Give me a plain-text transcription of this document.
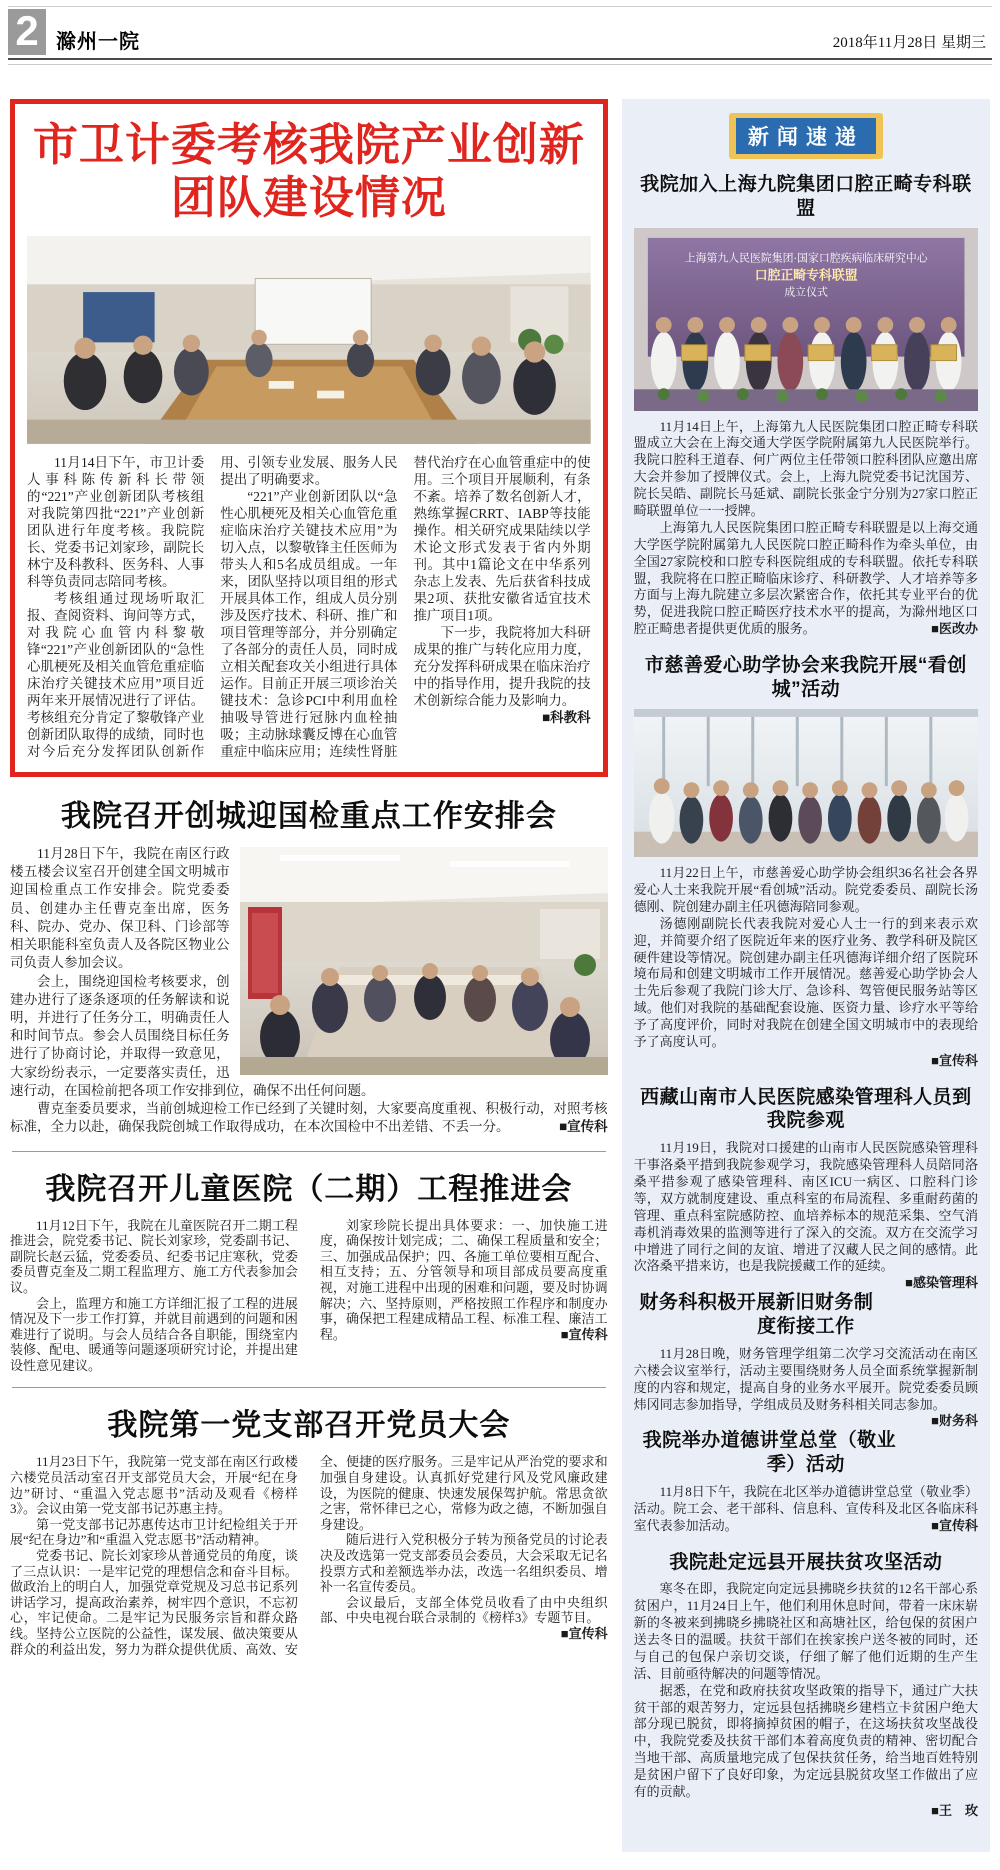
2 滁州一院	2018年11月28日 星期三
市卫计委考核我院产业创新
团队建设情况

11月14日下午，市卫计委人事科陈传新科长带领的“221”产业创新团队考核组对我院第四批“221”产业创新团队进行年度考核。我院院长、党委书记刘家珍，副院长林宁及科教科、医务科、人事科等负责同志陪同考核。

考核组通过现场听取汇报、查阅资料、询问等方式，对我院心血管内科黎敬锋“221”产业创新团队的“急性心肌梗死及相关血管危重症临床治疗关键技术应用”项目近两年来开展情况进行了评估。考核组充分肯定了黎敬锋产业创新团队取得的成绩，同时也对今后充分发挥团队创新作用、引领专业发展、服务人民提出了明确要求。

“221”产业创新团队以“急性心肌梗死及相关心血管危重症临床治疗关键技术应用”为切入点，以黎敬锋主任医师为带头人和5名成员组成。一年来，团队坚持以项目组的形式开展具体工作，组成人员分别涉及医疗技术、科研、推广和项目管理等部分，并分别确定了各部分的责任人员，同时成立相关配套攻关小组进行具体运作。目前正开展三项诊治关键技术：急诊PCI中利用血栓抽吸导管进行冠脉内血栓抽吸；主动脉球囊反博在心血管重症中临床应用；连续性肾脏替代治疗在心血管重症中的使用。三个项目开展顺利，有条不紊。培养了数名创新人才，熟练掌握CRRT、IABP等技能操作。相关研究成果陆续以学术论文形式发表于省内外期刊。其中1篇论文在中华系列杂志上发表、先后获省科技成果2项、获批安徽省适宜技术推广项目1项。

下一步，我院将加大科研成果的推广与转化应用力度，充分发挥科研成果在临床治疗中的指导作用，提升我院的技术创新综合能力及影响力。
■科教科

我院召开创城迎国检重点工作安排会

11月28日下午，我院在南区行政楼五楼会议室召开创建全国文明城市迎国检重点工作安排会。院党委委员、创建办主任曹克奎出席，医务科、院办、党办、保卫科、门诊部等相关职能科室负责人及各院区物业公司负责人参加会议。

会上，围绕迎国检考核要求，创建办进行了逐条逐项的任务解读和说明，并进行了任务分工，明确责任人和时间节点。参会人员围绕目标任务进行了协商讨论，并取得一致意见，大家纷纷表示，一定要落实责任，迅速行动，在国检前把各项工作安排到位，确保不出任何问题。

曹克奎委员要求，当前创城迎检工作已经到了关键时刻，大家要高度重视、积极行动，对照考核标准，全力以赴，确保我院创城工作取得成功，在本次国检中不出差错、不丢一分。	■宣传科

我院召开儿童医院（二期）工程推进会

11月12日下午，我院在儿童医院召开二期工程推进会，院党委书记、院长刘家珍，党委副书记、副院长赵云猛，党委委员、纪委书记庄寒秋，党委委员曹克奎及二期工程监理方、施工方代表参加会议。

会上，监理方和施工方详细汇报了工程的进展情况及下一步工作打算，并就目前遇到的问题和困难进行了说明。与会人员结合各自职能，围绕室内装修、配电、暖通等问题逐项研究讨论，并提出建设性意见建议。

刘家珍院长提出具体要求：一、加快施工进度，确保按计划完成；二、确保工程质量和安全；三、加强成品保护；四、各施工单位要相互配合、相互支持；五、分管领导和项目部成员要高度重视，对施工进程中出现的困难和问题，要及时协调解决；六、坚持原则，严格按照工作程序和制度办事，确保把工程建成精品工程、标准工程、廉洁工程。	■宣传科

我院第一党支部召开党员大会

11月23日下午，我院第一党支部在南区行政楼六楼党员活动室召开支部党员大会，开展“纪在身边”研讨、“重温入党志愿书”活动及观看《榜样3》。会议由第一党支部书记苏惠主持。

第一党支部书记苏惠传达市卫计纪检组关于开展“纪在身边”和“重温入党志愿书”活动精神。

党委书记、院长刘家珍从普通党员的角度，谈了三点认识：一是牢记党的理想信念和奋斗目标。做政治上的明白人，加强党章党规及习总书记系列讲话学习，提高政治素养，树牢四个意识，不忘初心，牢记使命。二是牢记为民服务宗旨和群众路线。坚持公立医院的公益性，谋发展、做决策要从群众的利益出发，努力为群众提供优质、高效、安全、便捷的医疗服务。三是牢记从严治党的要求和加强自身建设。认真抓好党建行风及党风廉政建设，为医院的健康、快速发展保驾护航。常思贪欲之害，常怀律已之心，常修为政之德，不断加强自身建设。

随后进行入党积极分子转为预备党员的讨论表决及改选第一党支部委员会委员，大会采取无记名投票方式和差额选举办法，改选一名组织委员、增补一名宣传委员。

会议最后，支部全体党员收看了由中央组织部、中央电视台联合录制的《榜样3》专题节目。
■宣传科

新闻速递
我院加入上海九院集团口腔正畸专科联盟
上海第九人民医院集团·国家口腔疾病临床研究中心
口腔正畸专科联盟
成立仪式

11月14日上午，上海第九人民医院集团口腔正畸专科联盟成立大会在上海交通大学医学院附属第九人民医院举行。我院口腔科王道春、何广两位主任带领口腔科团队应邀出席大会并参加了授牌仪式。会上，上海九院党委书记沈国芳、院长吴皓、副院长马延斌、副院长张金宁分别为27家口腔正畸联盟单位一一授牌。

上海第九人民医院集团口腔正畸专科联盟是以上海交通大学医学院附属第九人民医院口腔正畸科作为牵头单位，由全国27家院校和口腔专科医院组成的专科联盟。依托专科联盟，我院将在口腔正畸临床诊疗、科研教学、人才培养等多方面与上海九院建立多层次紧密合作，依托其专业平台的优势，促进我院口腔正畸医疗技术水平的提高，为滁州地区口腔正畸患者提供更优质的服务。	■医改办

市慈善爱心助学协会来我院开展“看创城”活动

11月22日上午，市慈善爱心助学协会组织36名社会各界爱心人士来我院开展“看创城”活动。院党委委员、副院长汤德刚、院创建办副主任巩德海陪同参观。

汤德刚副院长代表我院对爱心人士一行的到来表示欢迎，并简要介绍了医院近年来的医疗业务、教学科研及院区硬件建设等情况。院创建办副主任巩德海详细介绍了医院环境布局和创建文明城市工作开展情况。慈善爱心助学协会人士先后参观了我院门诊大厅、急诊科、驾管便民服务站等区域。他们对我院的基础配套设施、医资力量、诊疗水平等给予了高度评价，同时对我院在创建全国文明城市中的表现给予了高度认可。

■宣传科

西藏山南市人民医院感染管理科人员到我院参观

11月19日，我院对口援建的山南市人民医院感染管理科干事洛桑平措到我院参观学习，我院感染管理科人员陪同洛桑平措参观了感染管理科、南区ICU一病区、口腔科门诊等，双方就制度建设、重点科室的布局流程、多重耐药菌的管理、重点科室院感防控、血培养标本的规范采集、空气消毒机消毒效果的监测等进行了深入的交流。双方在交流学习中增进了同行之间的友谊、增进了汉藏人民之间的感情。此次洛桑平措来访，也是我院援藏工作的延续。
■感染管理科

财务科积极开展新旧财务制度衔接工作

11月28日晚，财务管理学组第二次学习交流活动在南区六楼会议室举行，活动主要围绕财务人员全面系统掌握新制度的内容和规定，提高自身的业务水平展开。院党委委员顾炜冈同志参加指导，学组成员及财务科相关同志参加。
■财务科

我院举办道德讲堂总堂（敬业季）活动

11月8日下午，我院在北区举办道德讲堂总堂（敬业季）活动。院工会、老干部科、信息科、宣传科及北区各临床科室代表参加活动。	■宣传科

我院赴定远县开展扶贫攻坚活动

寒冬在即，我院定向定远县拂晓乡扶贫的12名干部心系贫困户，11月24日上午，他们利用休息时间，带着一床床崭新的冬被来到拂晓乡拂晓社区和高塘社区，给包保的贫困户送去冬日的温暖。扶贫干部们在挨家挨户送冬被的同时，还与自己的包保户亲切交谈，仔细了解了他们近期的生产生活、目前亟待解决的问题等情况。

据悉，在党和政府扶贫攻坚政策的指导下，通过广大扶贫干部的艰苦努力，定远县包括拂晓乡建档立卡贫困户绝大部分现已脱贫，即将摘掉贫困的帽子，在这场扶贫攻坚战役中，我院党委及扶贫干部们本着高度负责的精神、密切配合当地干部、高质量地完成了包保扶贫任务，给当地百姓特别是贫困户留下了良好印象，为定远县脱贫攻坚工作做出了应有的贡献。

■王　玫
